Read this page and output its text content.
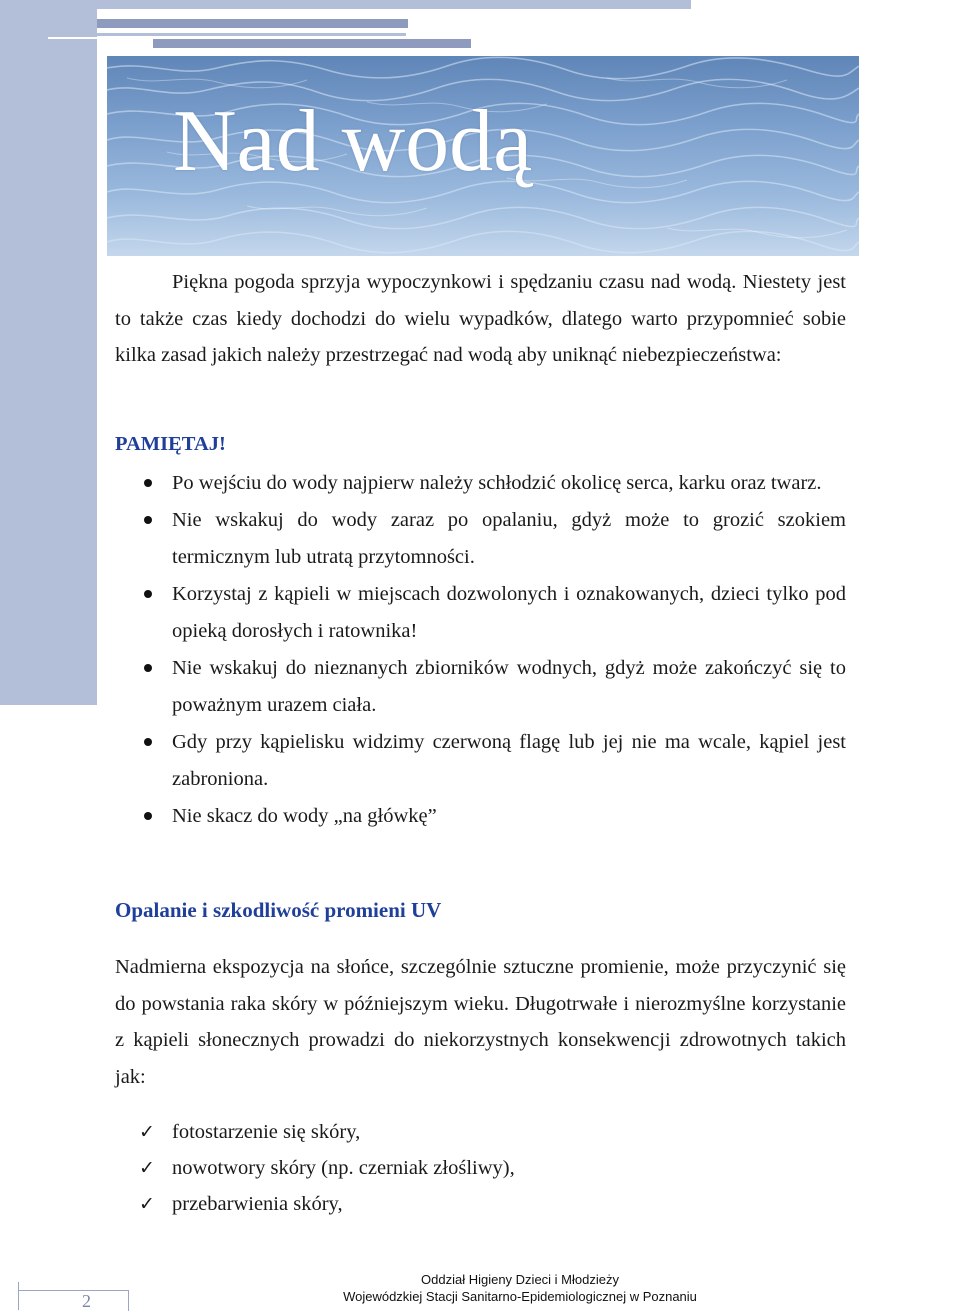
Nad wodą

Piękna pogoda sprzyja wypoczynkowi i spędzaniu czasu nad wodą. Niestety jest to także czas kiedy dochodzi do wielu wypadków, dlatego warto przypomnieć sobie kilka zasad jakich należy przestrzegać nad wodą aby uniknąć niebezpieczeństwa:

PAMIĘTAJ!

Po wejściu do wody najpierw należy schłodzić okolicę serca, karku oraz twarz.
Nie wskakuj do wody zaraz po opalaniu, gdyż może to grozić szokiem termicznym lub utratą przytomności.
Korzystaj z kąpieli w miejscach dozwolonych i oznakowanych, dzieci tylko pod opieką dorosłych i ratownika!
Nie wskakuj do nieznanych zbiorników wodnych, gdyż może zakończyć się to poważnym urazem ciała.
Gdy przy kąpielisku widzimy czerwoną flagę lub jej nie ma wcale, kąpiel jest zabroniona.
Nie skacz do wody „na główkę”
Opalanie i szkodliwość promieni UV

Nadmierna ekspozycja na słońce, szczególnie sztuczne promienie, może przyczynić się do powstania raka skóry w późniejszym wieku. Długotrwałe i nierozmyślne korzystanie z kąpieli słonecznych prowadzi do niekorzystnych konsekwencji zdrowotnych takich jak:

✓ fotostarzenie się skóry,
✓ nowotwory skóry (np. czerniak złośliwy),
✓ przebarwienia skóry,
2
Oddział Higieny Dzieci i Młodzieży
Wojewódzkiej Stacji Sanitarno-Epidemiologicznej w Poznaniu
